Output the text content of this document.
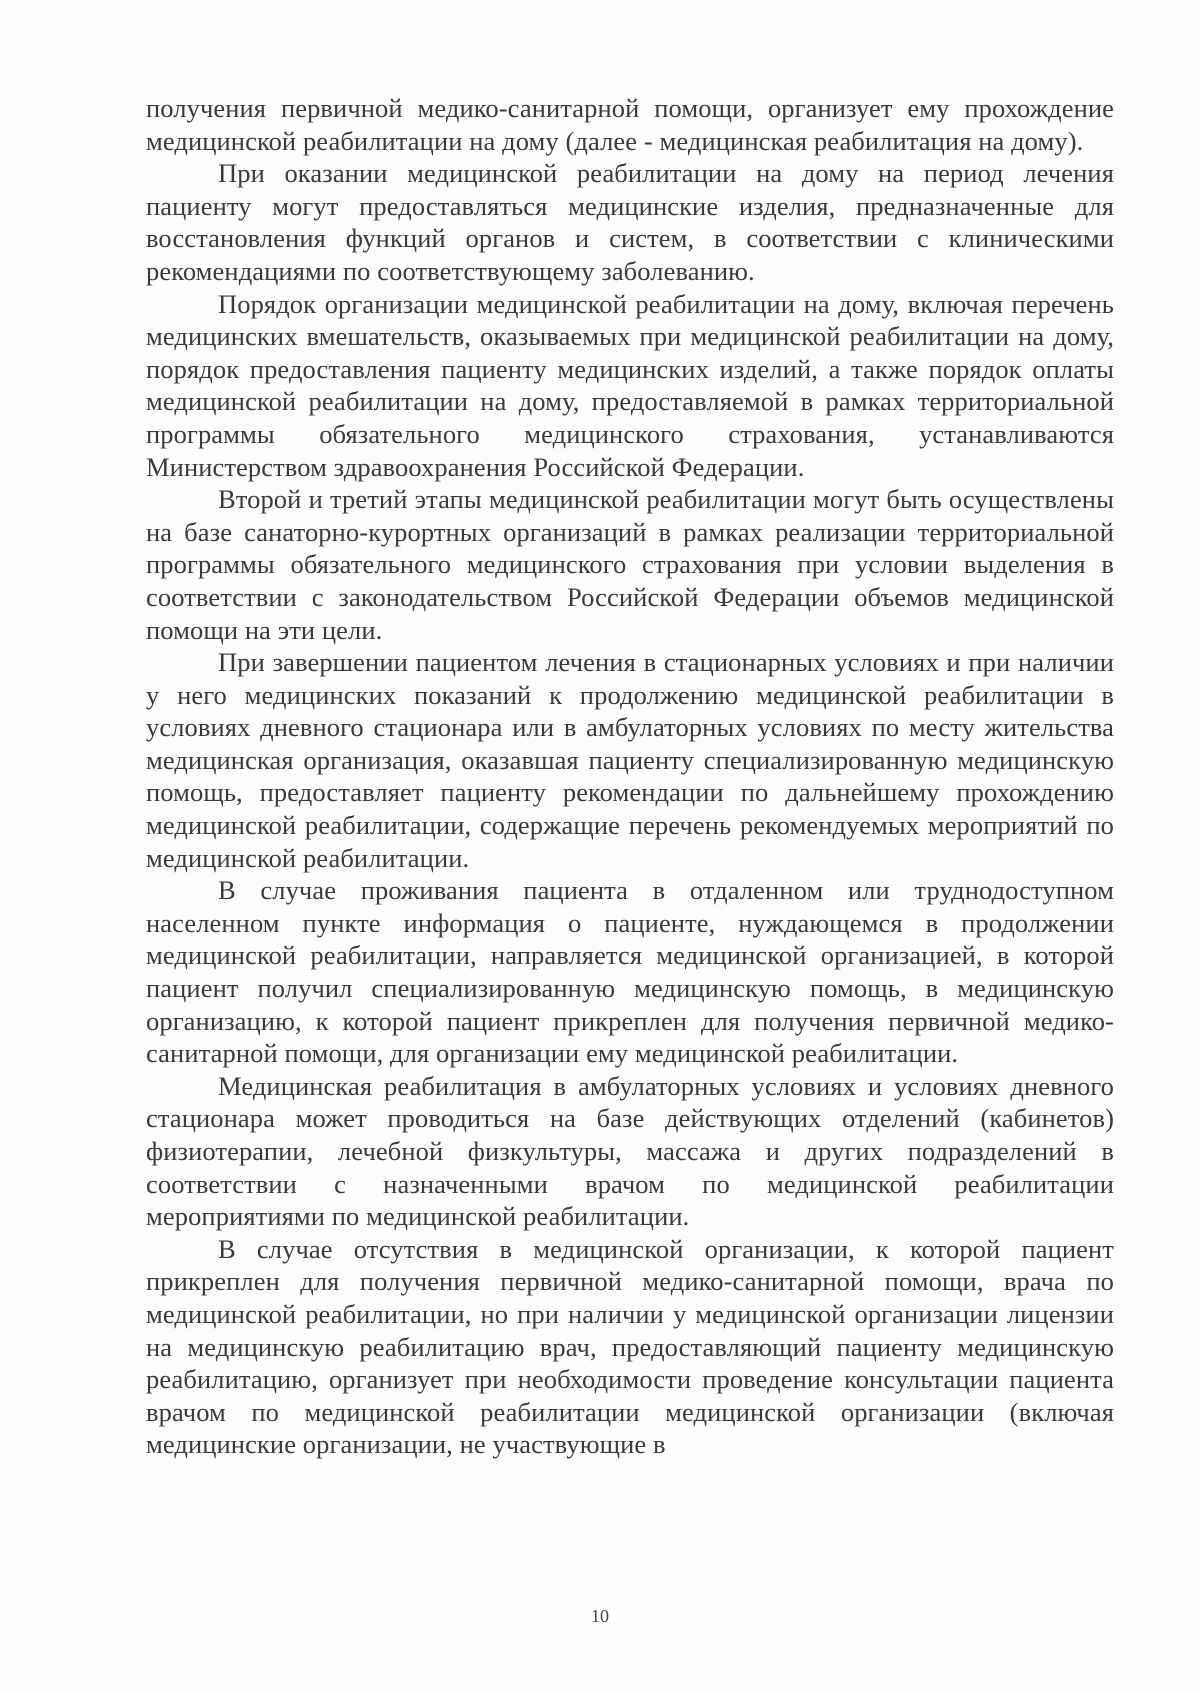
получения первичной медико-санитарной помощи, организует ему прохождение медицинской реабилитации на дому (далее - медицинская реабилитация на дому).

При оказании медицинской реабилитации на дому на период лечения пациенту могут предоставляться медицинские изделия, предназначенные для восстановления функций органов и систем, в соответствии с клиническими рекомендациями по соответствующему заболеванию.

Порядок организации медицинской реабилитации на дому, включая перечень медицинских вмешательств, оказываемых при медицинской реабилитации на дому, порядок предоставления пациенту медицинских изделий, а также порядок оплаты медицинской реабилитации на дому, предоставляемой в рамках территориальной программы обязательного медицинского страхования, устанавливаются Министерством здравоохранения Российской Федерации.

Второй и третий этапы медицинской реабилитации могут быть осуществлены на базе санаторно-курортных организаций в рамках реализации территориальной программы обязательного медицинского страхования при условии выделения в соответствии с законодательством Российской Федерации объемов медицинской помощи на эти цели.

При завершении пациентом лечения в стационарных условиях и при наличии у него медицинских показаний к продолжению медицинской реабилитации в условиях дневного стационара или в амбулаторных условиях по месту жительства медицинская организация, оказавшая пациенту специализированную медицинскую помощь, предоставляет пациенту рекомендации по дальнейшему прохождению медицинской реабилитации, содержащие перечень рекомендуемых мероприятий по медицинской реабилитации.

В случае проживания пациента в отдаленном или труднодоступном населенном пункте информация о пациенте, нуждающемся в продолжении медицинской реабилитации, направляется медицинской организацией, в которой пациент получил специализированную медицинскую помощь, в медицинскую организацию, к которой пациент прикреплен для получения первичной медико-санитарной помощи, для организации ему медицинской реабилитации.

Медицинская реабилитация в амбулаторных условиях и условиях дневного стационара может проводиться на базе действующих отделений (кабинетов) физиотерапии, лечебной физкультуры, массажа и других подразделений в соответствии с назначенными врачом по медицинской реабилитации мероприятиями по медицинской реабилитации.

В случае отсутствия в медицинской организации, к которой пациент прикреплен для получения первичной медико-санитарной помощи, врача по медицинской реабилитации, но при наличии у медицинской организации лицензии на медицинскую реабилитацию врач, предоставляющий пациенту медицинскую реабилитацию, организует при необходимости проведение консультации пациента врачом по медицинской реабилитации медицинской организации (включая медицинские организации, не участвующие в

10
